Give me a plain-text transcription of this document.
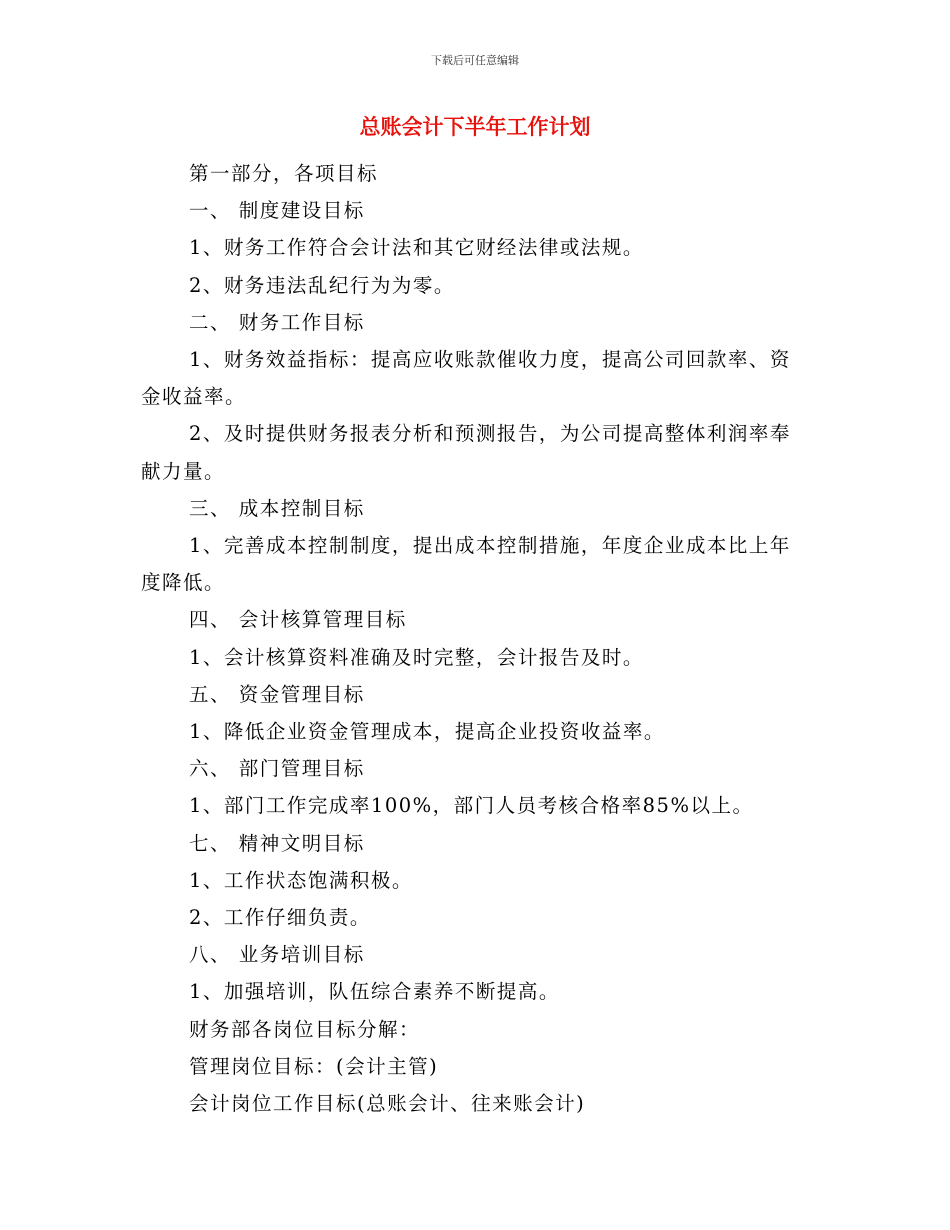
下载后可任意编辑
总账会计下半年工作计划

第一部分，各项目标

一、 制度建设目标

1、财务工作符合会计法和其它财经法律或法规。

2、财务违法乱纪行为为零。

二、 财务工作目标

1、财务效益指标：提高应收账款催收力度，提高公司回款率、资金收益率。

2、及时提供财务报表分析和预测报告，为公司提高整体利润率奉献力量。

三、 成本控制目标

1、完善成本控制制度，提出成本控制措施，年度企业成本比上年度降低。

四、 会计核算管理目标

1、会计核算资料准确及时完整，会计报告及时。

五、 资金管理目标

1、降低企业资金管理成本，提高企业投资收益率。

六、 部门管理目标

1、部门工作完成率100%，部门人员考核合格率85%以上。

七、 精神文明目标

1、工作状态饱满积极。

2、工作仔细负责。

八、 业务培训目标

1、加强培训，队伍综合素养不断提高。

财务部各岗位目标分解：

管理岗位目标：(会计主管)

会计岗位工作目标(总账会计、往来账会计)
